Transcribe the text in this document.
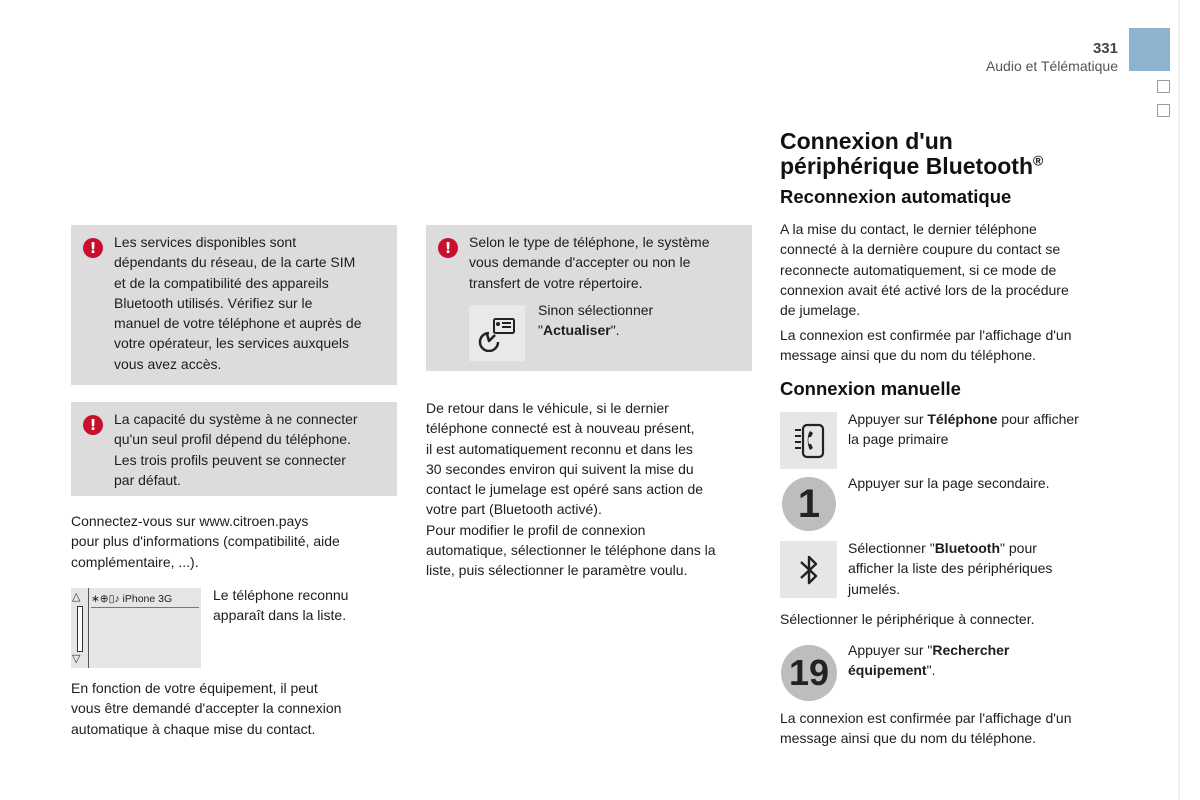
331
Audio et Télématique
!	Les services disponibles sont

dépendants du réseau, de la carte SIM

et de la compatibilité des appareils

Bluetooth utilisés. Vérifiez sur le

manuel de votre téléphone et auprès de

votre opérateur, les services auxquels

vous avez accès.

!	La capacité du système à ne connecter

qu'un seul profil dépend du téléphone.

Les trois profils peuvent se connecter

par défaut.

Connectez-vous sur www.citroen.pays

pour plus d'informations (compatibilité, aide

complémentaire, ...).

△
▽
∗⊕▯♪ iPhone 3G	Le téléphone reconnu

apparaît dans la liste.

En fonction de votre équipement, il peut

vous être demandé d'accepter la connexion

automatique à chaque mise du contact.

!	Selon le type de téléphone, le système

vous demande d'accepter ou non le

transfert de votre répertoire.

Sinon sélectionner

"Actualiser".

De retour dans le véhicule, si le dernier

téléphone connecté est à nouveau présent,

il est automatiquement reconnu et dans les

30 secondes environ qui suivent la mise du

contact le jumelage est opéré sans action de

votre part (Bluetooth activé).

Pour modifier le profil de connexion

automatique, sélectionner le téléphone dans la

liste, puis sélectionner le paramètre voulu.

Connexion d'un
périphérique Bluetooth®
Reconnexion automatique

A la mise du contact, le dernier téléphone

connecté à la dernière coupure du contact se

reconnecte automatiquement, si ce mode de

connexion avait été activé lors de la procédure

de jumelage.

La connexion est confirmée par l'affichage d'un

message ainsi que du nom du téléphone.

Connexion manuelle

Appuyer sur Téléphone pour afficher

la page primaire

1	Appuyer sur la page secondaire.

Sélectionner "Bluetooth" pour

afficher la liste des périphériques

jumelés.

Sélectionner le périphérique à connecter.
19

Appuyer sur "Rechercher

équipement".

La connexion est confirmée par l'affichage d'un

message ainsi que du nom du téléphone.
